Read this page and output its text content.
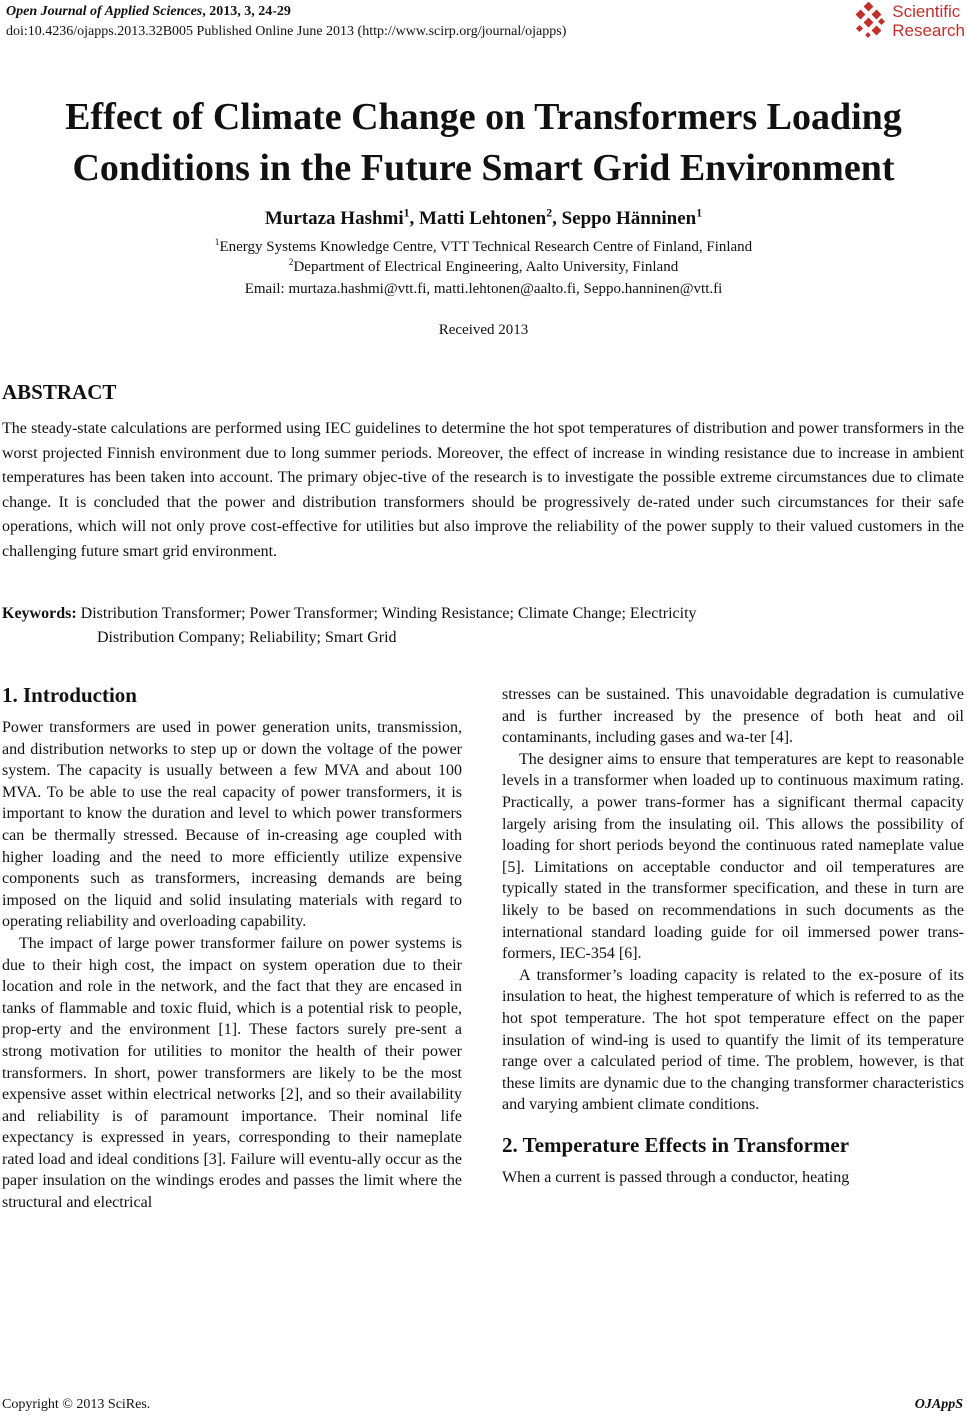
Open Journal of Applied Sciences, 2013, 3, 24-29
doi:10.4236/ojapps.2013.32B005 Published Online June 2013 (http://www.scirp.org/journal/ojapps)
Scientific
Research
Effect of Climate Change on Transformers Loading
Conditions in the Future Smart Grid Environment
Murtaza Hashmi$^1$, Matti Lehtonen$^2$, Seppo Hänninen$^1$
$^1$Energy Systems Knowledge Centre, VTT Technical Research Centre of Finland, Finland
$^2$Department of Electrical Engineering, Aalto University, Finland
Email: murtaza.hashmi@vtt.fi, matti.lehtonen@aalto.fi, Seppo.hanninen@vtt.fi
Received 2013
ABSTRACT
The steady-state calculations are performed using IEC guidelines to determine the hot spot temperatures of distribution and power transformers in the worst projected Finnish environment due to long summer periods. Moreover, the effect of increase in winding resistance due to increase in ambient temperatures has been taken into account. The primary objec-tive of the research is to investigate the possible extreme circumstances due to climate change. It is concluded that the power and distribution transformers should be progressively de-rated under such circumstances for their safe operations, which will not only prove cost-effective for utilities but also improve the reliability of the power supply to their valued customers in the challenging future smart grid environment.
Keywords: Distribution Transformer; Power Transformer; Winding Resistance; Climate Change; Electricity
Distribution Company; Reliability; Smart Grid
1. Introduction

Power transformers are used in power generation units, transmission, and distribution networks to step up or down the voltage of the power system. The capacity is usually between a few MVA and about 100 MVA. To be able to use the real capacity of power transformers, it is important to know the duration and level to which power transformers can be thermally stressed. Because of in-creasing age coupled with higher loading and the need to more efficiently utilize expensive components such as transformers, increasing demands are being imposed on the liquid and solid insulating materials with regard to operating reliability and overloading capability.

The impact of large power transformer failure on power systems is due to their high cost, the impact on system operation due to their location and role in the network, and the fact that they are encased in tanks of flammable and toxic fluid, which is a potential risk to people, prop-erty and the environment [1]. These factors surely pre-sent a strong motivation for utilities to monitor the health of their power transformers. In short, power transformers are likely to be the most expensive asset within electrical networks [2], and so their availability and reliability is of paramount importance. Their nominal life expectancy is expressed in years, corresponding to their nameplate rated load and ideal conditions [3]. Failure will eventu-ally occur as the paper insulation on the windings erodes and passes the limit where the structural and electrical

stresses can be sustained. This unavoidable degradation is cumulative and is further increased by the presence of both heat and oil contaminants, including gases and wa-ter [4].

The designer aims to ensure that temperatures are kept to reasonable levels in a transformer when loaded up to continuous maximum rating. Practically, a power trans-former has a significant thermal capacity largely arising from the insulating oil. This allows the possibility of loading for short periods beyond the continuous rated nameplate value [5]. Limitations on acceptable conductor and oil temperatures are typically stated in the transformer specification, and these in turn are likely to be based on recommendations in such documents as the international standard loading guide for oil immersed power trans-formers, IEC-354 [6].

A transformer’s loading capacity is related to the ex-posure of its insulation to heat, the highest temperature of which is referred to as the hot spot temperature. The hot spot temperature effect on the paper insulation of wind-ing is used to quantify the limit of its temperature range over a calculated period of time. The problem, however, is that these limits are dynamic due to the changing transformer characteristics and varying ambient climate conditions.

2. Temperature Effects in Transformer

When a current is passed through a conductor, heating

Copyright © 2013 SciRes.	OJAppS
